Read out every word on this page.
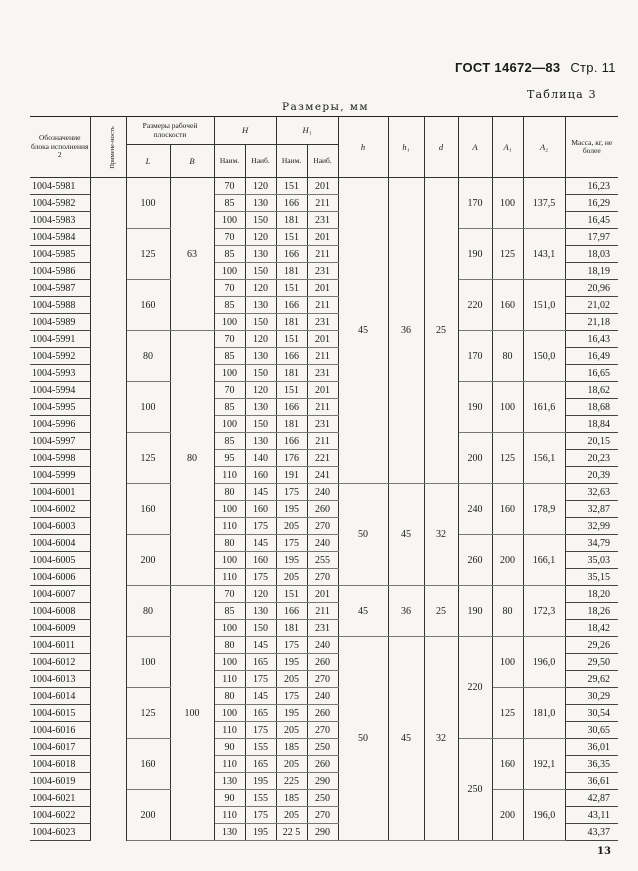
ГОСТ 14672—83 Стр. 11
Таблица 3
Размеры, мм
Обозначение блока исполнения 2	Примене-ность	Размеры рабочей плоскости		H		H₁		h	h₁	d	A	A₁	A₂	Масса, кг, не более
		L	B	Наим.	Наиб.	Наим.	Наиб.							
1004-5981		100	63	70	120	151	201	45	36	25	170	100	137,5	16,23
1004-5982				85	130	166	211							16,29
1004-5983				100	150	181	231							16,45
1004-5984		125		70	120	151	201				190	125	143,1	17,97
1004-5985				85	130	166	211							18,03
1004-5986				100	150	181	231							18,19
1004-5987		160		70	120	151	201				220	160	151,0	20,96
1004-5988				85	130	166	211							21,02
1004-5989				100	150	181	231							21,18
1004-5991		80	80	70	120	151	201				170	80	150,0	16,43
1004-5992				85	130	166	211							16,49
1004-5993				100	150	181	231							16,65
1004-5994		100		70	120	151	201				190	100	161,6	18,62
1004-5995				85	130	166	211							18,68
1004-5996				100	150	181	231							18,84
1004-5997		125		85	130	166	211				200	125	156,1	20,15
1004-5998				95	140	176	221							20,23
1004-5999				110	160	191	241							20,39
1004-6001		160		80	145	175	240	50	45	32	240	160	178,9	32,63
1004-6002				100	160	195	260							32,87
1004-6003				110	175	205	270							32,99
1004-6004		200		80	145	175	240				260	200	166,1	34,79
1004-6005				100	160	195	255							35,03
1004-6006				110	175	205	270							35,15
1004-6007		80	100	70	120	151	201	45	36	25	190	80	172,3	18,20
1004-6008				85	130	166	211							18,26
1004-6009				100	150	181	231							18,42
1004-6011		100		80	145	175	240	50	45	32	220	100	196,0	29,26
1004-6012				100	165	195	260							29,50
1004-6013				110	175	205	270							29,62
1004-6014		125		80	145	175	240					125	181,0	30,29
1004-6015				100	165	195	260							30,54
1004-6016				110	175	205	270							30,65
1004-6017		160		90	155	185	250				250	160	192,1	36,01
1004-6018				110	165	205	260							36,35
1004-6019				130	195	225	290							36,61
1004-6021		200		90	155	185	250					200	196,0	42,87
1004-6022				110	175	205	270							43,11
1004-6023				130	195	22 5	290							43,37
13
